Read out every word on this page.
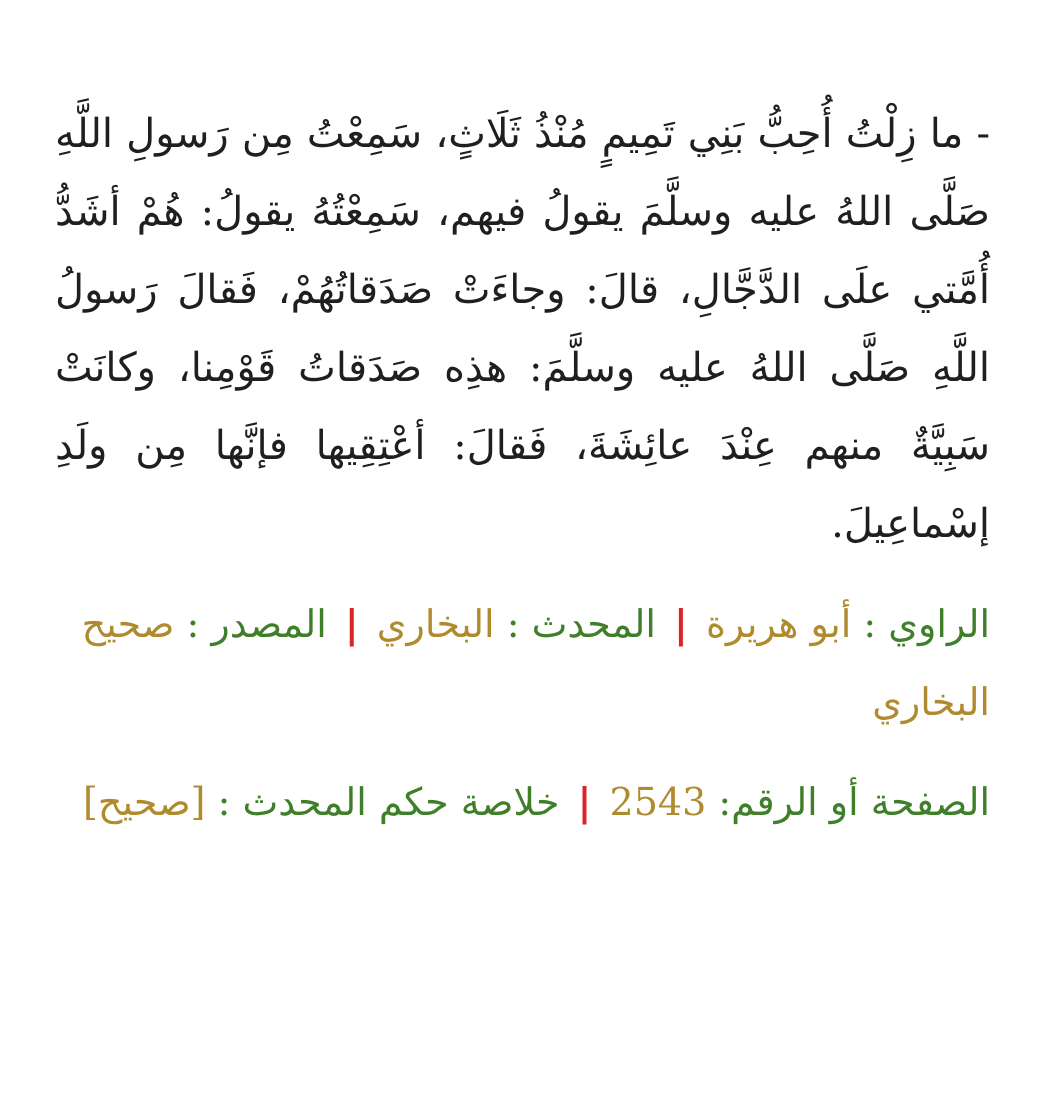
- ما زِلْتُ أُحِبُّ بَنِي تَمِيمٍ مُنْذُ ثَلَاثٍ، سَمِعْتُ مِن رَسولِ اللَّهِ صَلَّى اللهُ عليه وسلَّمَ يقولُ فيهم، سَمِعْتُهُ يقولُ: هُمْ أشَدُّ أُمَّتي علَى الدَّجَّالِ، قالَ: وجاءَتْ صَدَقاتُهُمْ، فَقالَ رَسولُ اللَّهِ صَلَّى اللهُ عليه وسلَّمَ: هذِه صَدَقاتُ قَوْمِنا، وكانَتْ سَبِيَّةٌ منهم عِنْدَ عائِشَةَ، فَقالَ: أعْتِقِيها فإنَّها مِن ولَدِ إسْماعِيلَ.

الراوي : أبو هريرة | المحدث : البخاري | المصدر : صحيح البخاري

الصفحة أو الرقم: 2543 | خلاصة حكم المحدث : [صحيح]
